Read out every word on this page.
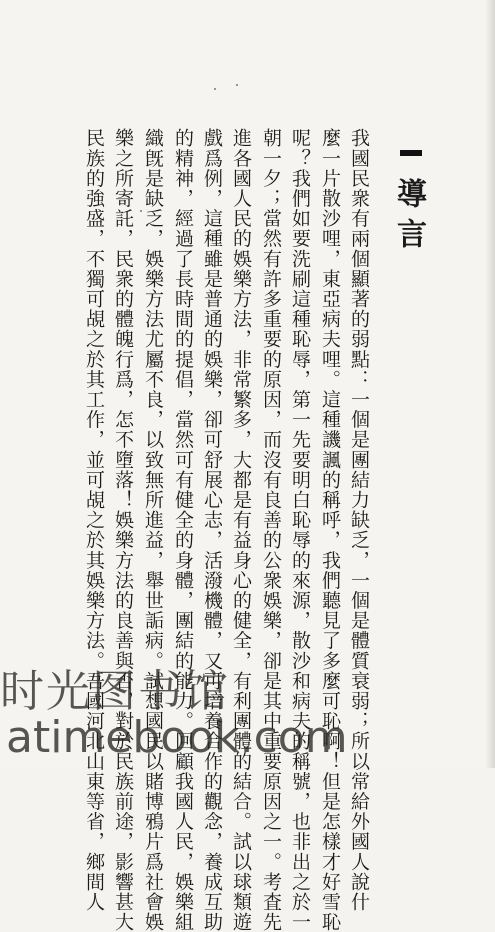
導言
我國民衆有兩個顯著的弱點：一個是團結力缺乏，一個是體質衰弱；所以常給外國人說什
麼一片散沙哩，東亞病夫哩。這種譏諷的稱呼，我們聽見了多麼可恥啊！但是怎樣才好雪恥
呢？我們如要洗刷這種恥辱，第一先要明白恥辱的來源，散沙和病夫的稱號，也非出之於一
朝一夕；當然有許多重要的原因，而沒有良善的公衆娛樂，卻是其中重要原因之一。考査先
進各國人民的娛樂方法，非常繁多，大都是有益身心的健全，有利團體的結合。試以球類遊
戲爲例，這種雖是普通的娛樂，卻可舒展心志，活潑機體，又可培養合作的觀念，養成互助
的精神，經過了長時間的提倡，當然可有健全的身體，團結的能力。回顧我國人民，娛樂組
織旣是缺乏，娛樂方法尤屬不良，以致無所進益，舉世詬病。試想國民以賭博鴉片爲社會娛
樂之所寄託，民衆的體魄行爲，怎不墮落！娛樂方法的良善與否，對於民族前途，影響甚大
民族的強盛，不獨可覘之於其工作，並可覘之於其娛樂方法。吾國河北山東等省，鄉間人
时光图书馆
atimebook.com
